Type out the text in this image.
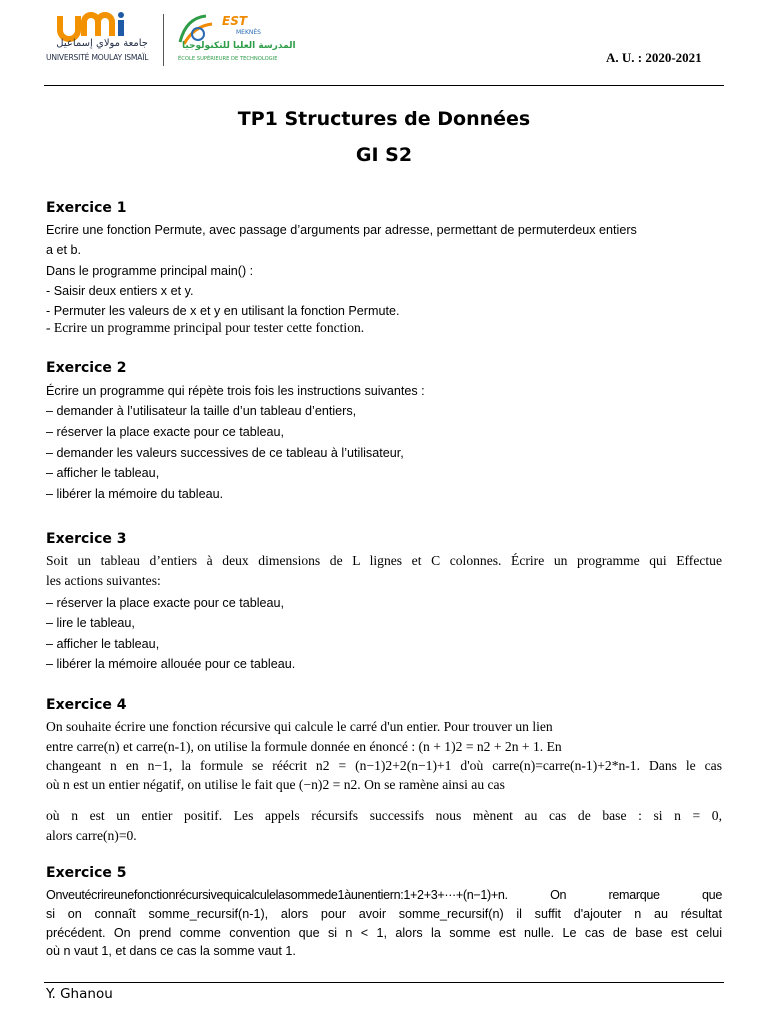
جامعة مولاي إسماعيل
UNIVERSITÉ MOULAY ISMAÏL
EST
MEKNÈS
المدرسة العليا للتكنولوجيا
ÉCOLE SUPÉRIEURE DE TECHNOLOGIE	A. U. : 2020-2021
TP1 Structures de Données
GI S2
Exercice 1
Ecrire une fonction Permute, avec passage d’arguments par adresse, permettant de permuterdeux entiers
a et b.
Dans le programme principal main() :
- Saisir deux entiers x et y.
- Permuter les valeurs de x et y en utilisant la fonction Permute.
- Ecrire un programme principal pour tester cette fonction.
Exercice 2
Écrire un programme qui répète trois fois les instructions suivantes :
– demander à l’utilisateur la taille d’un tableau d’entiers,
– réserver la place exacte pour ce tableau,
– demander les valeurs successives de ce tableau à l’utilisateur,
– afficher le tableau,
– libérer la mémoire du tableau.
Exercice 3
Soit un tableau d’entiers à deux dimensions de L lignes et C colonnes. Écrire un programme qui Effectue
les actions suivantes:
– réserver la place exacte pour ce tableau,
– lire le tableau,
– afficher le tableau,
– libérer la mémoire allouée pour ce tableau.
Exercice 4
On souhaite écrire une fonction récursive qui calcule le carré d'un entier. Pour trouver un lien
entre carre(n) et carre(n-1), on utilise la formule donnée en énoncé : (n + 1)2 = n2 + 2n + 1. En
changeant n en n−1, la formule se réécrit n2 = (n−1)2+2(n−1)+1 d'où carre(n)=carre(n-1)+2*n-1. Dans le cas
où n est un entier négatif, on utilise le fait que (−n)2 = n2. On se ramène ainsi au cas
où n est un entier positif. Les appels récursifs successifs nous mènent au cas de base : si n = 0,
alors carre(n)=0.
Exercice 5
Onveutécrireunefonctionrécursivequicalculelasommede1àunentiern:1+2+3+···+(n−1)+n. On remarque que
si on connaît somme_recursif(n-1), alors pour avoir somme_recursif(n) il suffit d'ajouter n au résultat
précédent. On prend comme convention que si n < 1, alors la somme est nulle. Le cas de base est celui
où n vaut 1, et dans ce cas la somme vaut 1.
Y. Ghanou
